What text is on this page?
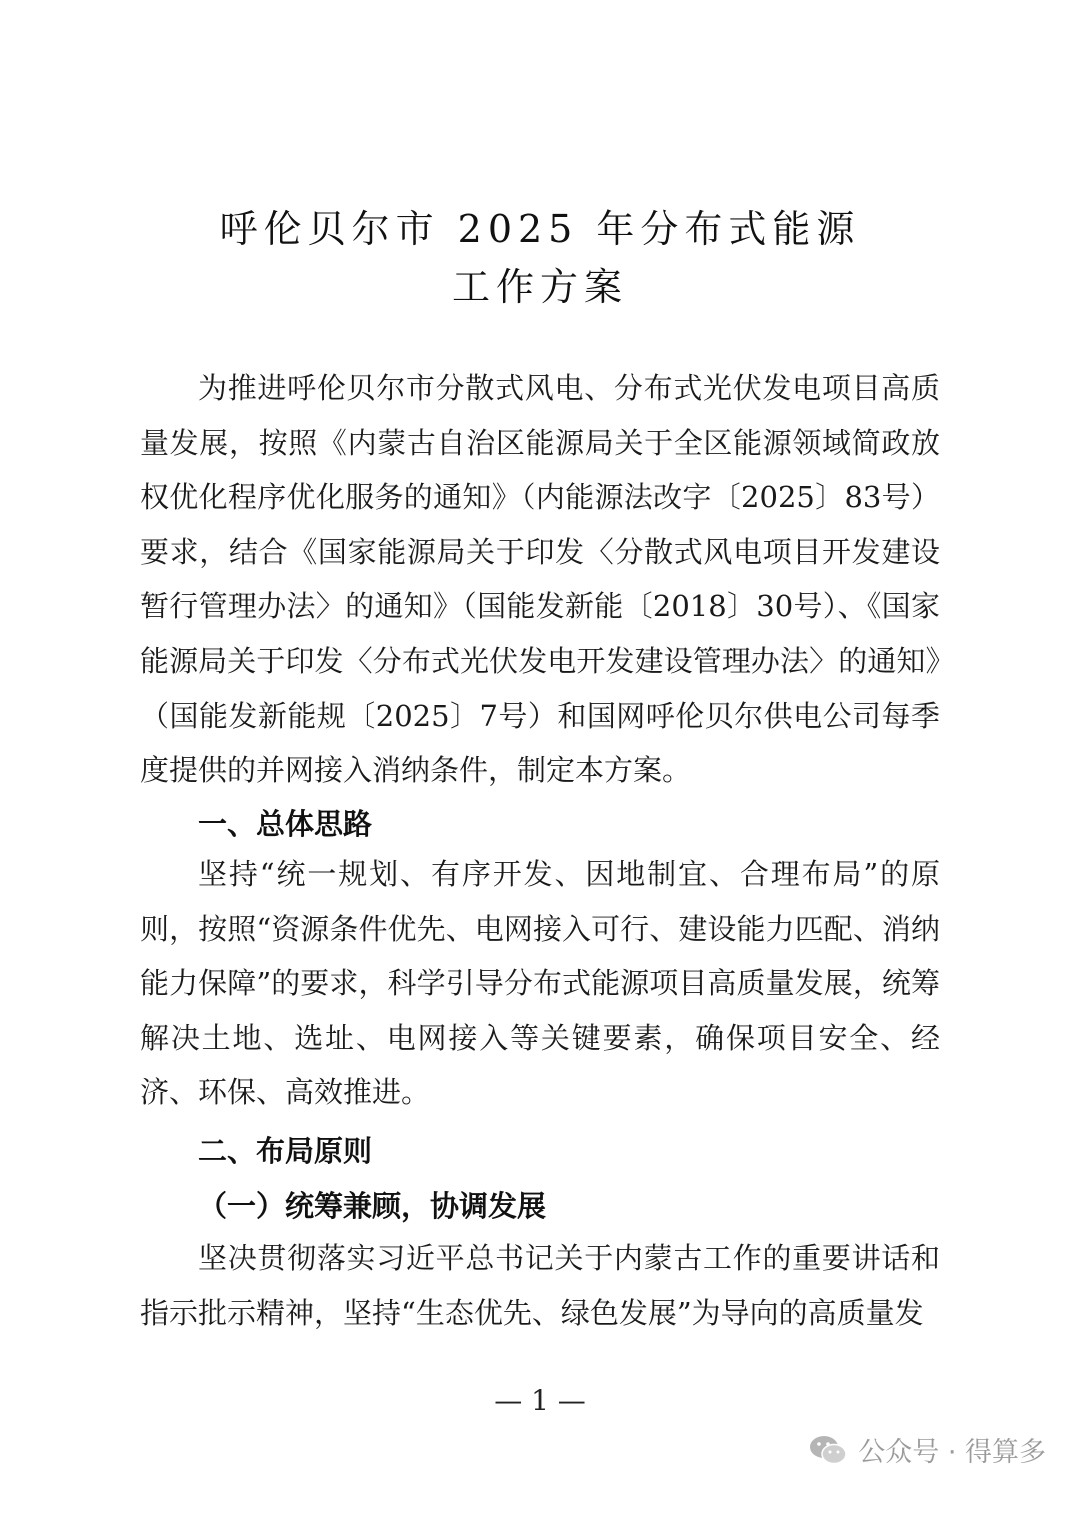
呼伦贝尔市 2025 年分布式能源
工作方案

为推进呼伦贝尔市分散式风电、分布式光伏发电项目高质量发展，按照《内蒙古自治区能源局关于全区能源领域简政放权优化程序优化服务的通知》（内能源法改字〔2025〕83号）要求，结合《国家能源局关于印发〈分散式风电项目开发建设暂行管理办法〉的通知》（国能发新能〔2018〕30号）、《国家能源局关于印发〈分布式光伏发电开发建设管理办法〉的通知》（国能发新能规〔2025〕7号）和国网呼伦贝尔供电公司每季度提供的并网接入消纳条件，制定本方案。

一、总体思路

坚持“统一规划、有序开发、因地制宜、合理布局”的原则，按照“资源条件优先、电网接入可行、建设能力匹配、消纳能力保障”的要求，科学引导分布式能源项目高质量发展，统筹解决土地、选址、电网接入等关键要素，确保项目安全、经济、环保、高效推进。

二、布局原则
（一）统筹兼顾，协调发展

坚决贯彻落实习近平总书记关于内蒙古工作的重要讲话和指示批示精神，坚持“生态优先、绿色发展”为导向的高质量发

— 1 —
公众号 · 得算多
